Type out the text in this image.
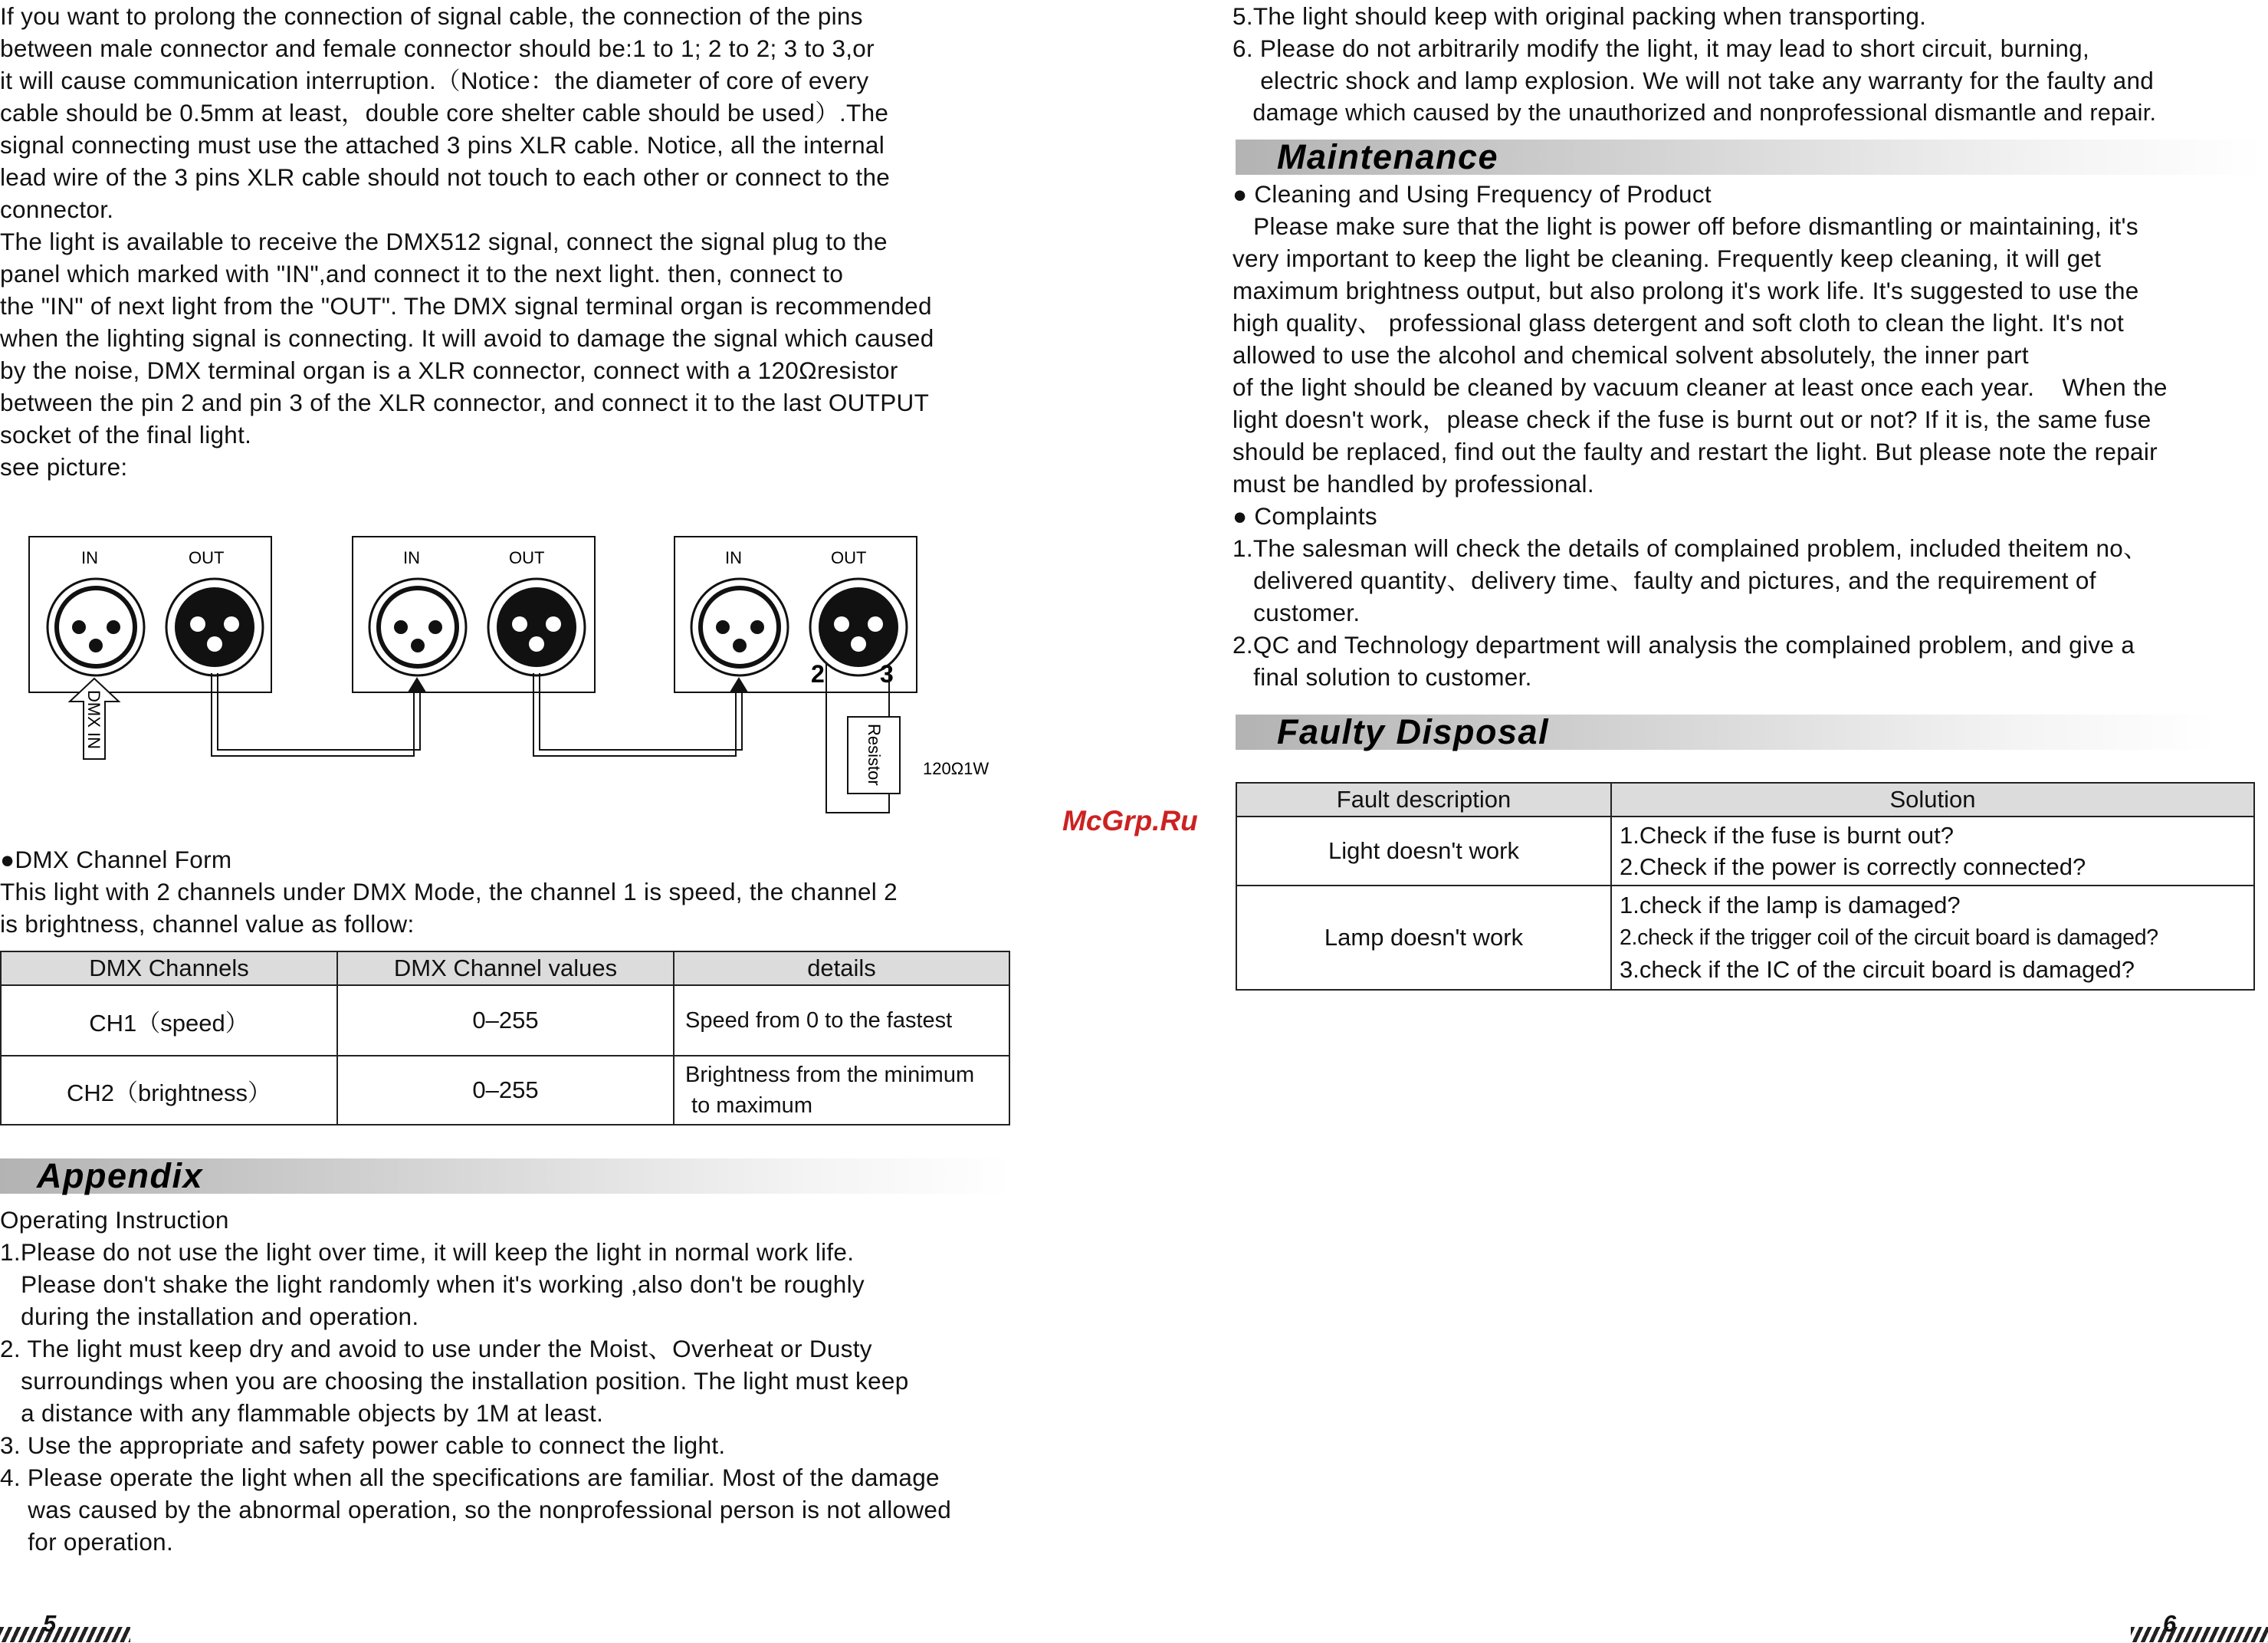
If you want to prolong the connection of signal cable, the connection of the pins

between male connector and female connector should be:1 to 1; 2 to 2; 3 to 3,or

it will cause communication interruption.（Notice：the diameter of core of every

cable should be 0.5mm at least，double core shelter cable should be used）.The

signal connecting must use the attached 3 pins XLR cable. Notice, all the internal

lead wire of the 3 pins XLR cable should not touch to each other or connect to the

connector.

The light is available to receive the DMX512 signal, connect the signal plug to the

panel which marked with "IN",and connect it to the next light. then, connect to

the "IN" of next light from the "OUT". The DMX signal terminal organ is recommended

when the lighting signal is connecting. It will avoid to damage the signal which caused

by the noise, DMX terminal organ is a XLR connector, connect with a 120Ωresistor

between the pin 2 and pin 3 of the XLR connector, and connect it to the last OUTPUT

socket of the final light.

see picture:

IN	OUT	IN	OUT	IN	OUT
DMX IN
2 3
Resistor 120Ω1W

●DMX Channel Form

This light with 2 channels under DMX Mode, the channel 1 is speed, the channel 2

is brightness, channel value as follow:

DMX Channels	DMX Channel values	details
CH1（speed）	0–255	Speed from 0 to the fastest

CH2（brightness）	0–255	Brightness from the minimum
to maximum
Appendix

Operating Instruction

1.Please do not use the light over time, it will keep the light in normal work life.

Please don't shake the light randomly when it's working ,also don't be roughly

during the installation and operation.

2. The light must keep dry and avoid to use under the Moist、Overheat or Dusty

surroundings when you are choosing the installation position. The light must keep

a distance with any flammable objects by 1M at least.

3. Use the appropriate and safety power cable to connect the light.

4. Please operate the light when all the specifications are familiar. Most of the damage

was caused by the abnormal operation, so the nonprofessional person is not allowed

for operation.

5
McGrp.Ru

5.The light should keep with original packing when transporting.

6. Please do not arbitrarily modify the light, it may lead to short circuit, burning,

electric shock and lamp explosion. We will not take any warranty for the faulty and

damage which caused by the unauthorized and nonprofessional dismantle and repair.

Maintenance

● Cleaning and Using Frequency of Product

Please make sure that the light is power off before dismantling or maintaining, it's

very important to keep the light be cleaning. Frequently keep cleaning, it will get

maximum brightness output, but also prolong it's work life. It's suggested to use the

high quality、 professional glass detergent and soft cloth to clean the light. It's not

allowed to use the alcohol and chemical solvent absolutely, the inner part

of the light should be cleaned by vacuum cleaner at least once each year.    When the

light doesn't work，please check if the fuse is burnt out or not? If it is, the same fuse

should be replaced, find out the faulty and restart the light. But please note the repair

must be handled by professional.

● Complaints

1.The salesman will check the details of complained problem, included theitem no、

delivered quantity、delivery time、faulty and pictures, and the requirement of

customer.

2.QC and Technology department will analysis the complained problem, and give a

final solution to customer.

Faulty Disposal
Fault description	Solution
Light doesn't work	1.Check if the fuse is burnt out?
2.Check if the power is correctly connected?

Lamp doesn't work	1.check if the lamp is damaged?
2.check if the trigger coil of the circuit board is damaged?
3.check if the IC of the circuit board is damaged?
6
